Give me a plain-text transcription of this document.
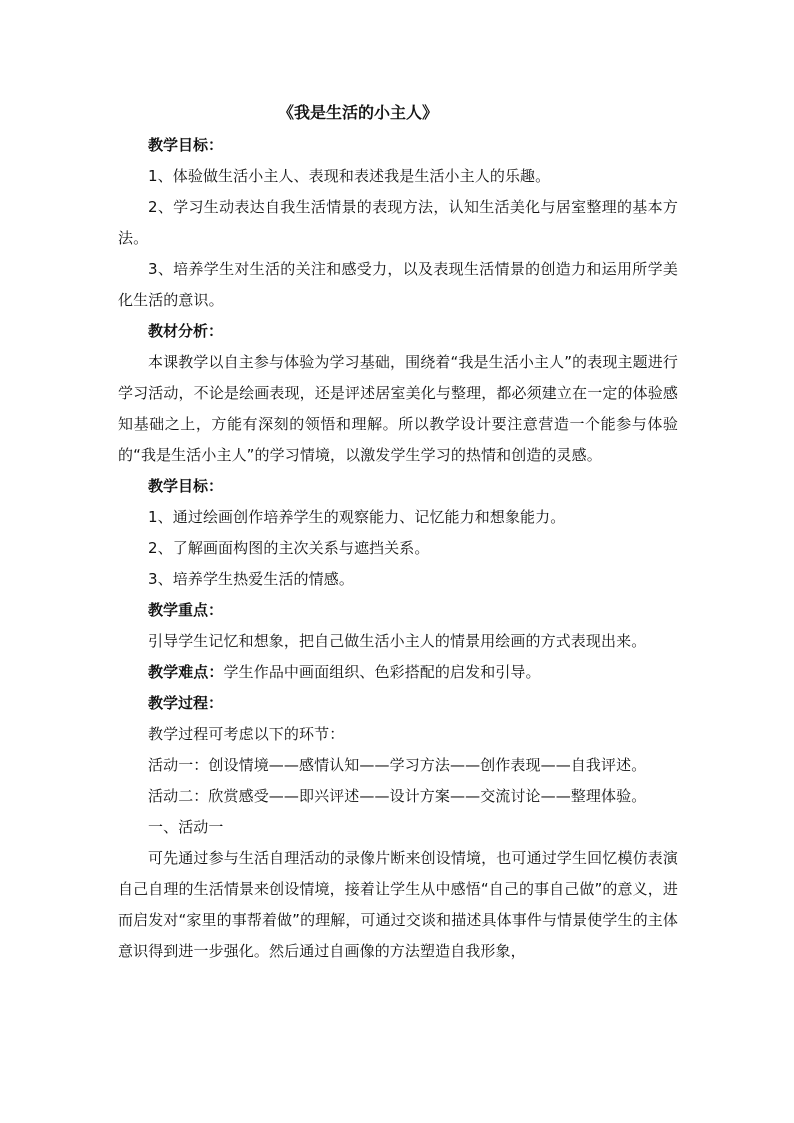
《我是生活的小主人》

教学目标：

1、体验做生活小主人、表现和表述我是生活小主人的乐趣。

2、学习生动表达自我生活情景的表现方法，认知生活美化与居室整理的基本方法。

3、培养学生对生活的关注和感受力，以及表现生活情景的创造力和运用所学美化生活的意识。

教材分析：

本课教学以自主参与体验为学习基础，围绕着“我是生活小主人”的表现主题进行学习活动，不论是绘画表现，还是评述居室美化与整理，都必须建立在一定的体验感知基础之上，方能有深刻的领悟和理解。所以教学设计要注意营造一个能参与体验的“我是生活小主人”的学习情境，以激发学生学习的热情和创造的灵感。

教学目标：

1、通过绘画创作培养学生的观察能力、记忆能力和想象能力。

2、了解画面构图的主次关系与遮挡关系。

3、培养学生热爱生活的情感。

教学重点：

引导学生记忆和想象，把自己做生活小主人的情景用绘画的方式表现出来。

教学难点：学生作品中画面组织、色彩搭配的启发和引导。

教学过程：

教学过程可考虑以下的环节：

活动一：创设情境——感情认知——学习方法——创作表现——自我评述。

活动二：欣赏感受——即兴评述——设计方案——交流讨论——整理体验。

一、活动一

可先通过参与生活自理活动的录像片断来创设情境，也可通过学生回忆模仿表演自己自理的生活情景来创设情境，接着让学生从中感悟“自己的事自己做”的意义，进而启发对“家里的事帮着做”的理解，可通过交谈和描述具体事件与情景使学生的主体意识得到进一步强化。然后通过自画像的方法塑造自我形象，
